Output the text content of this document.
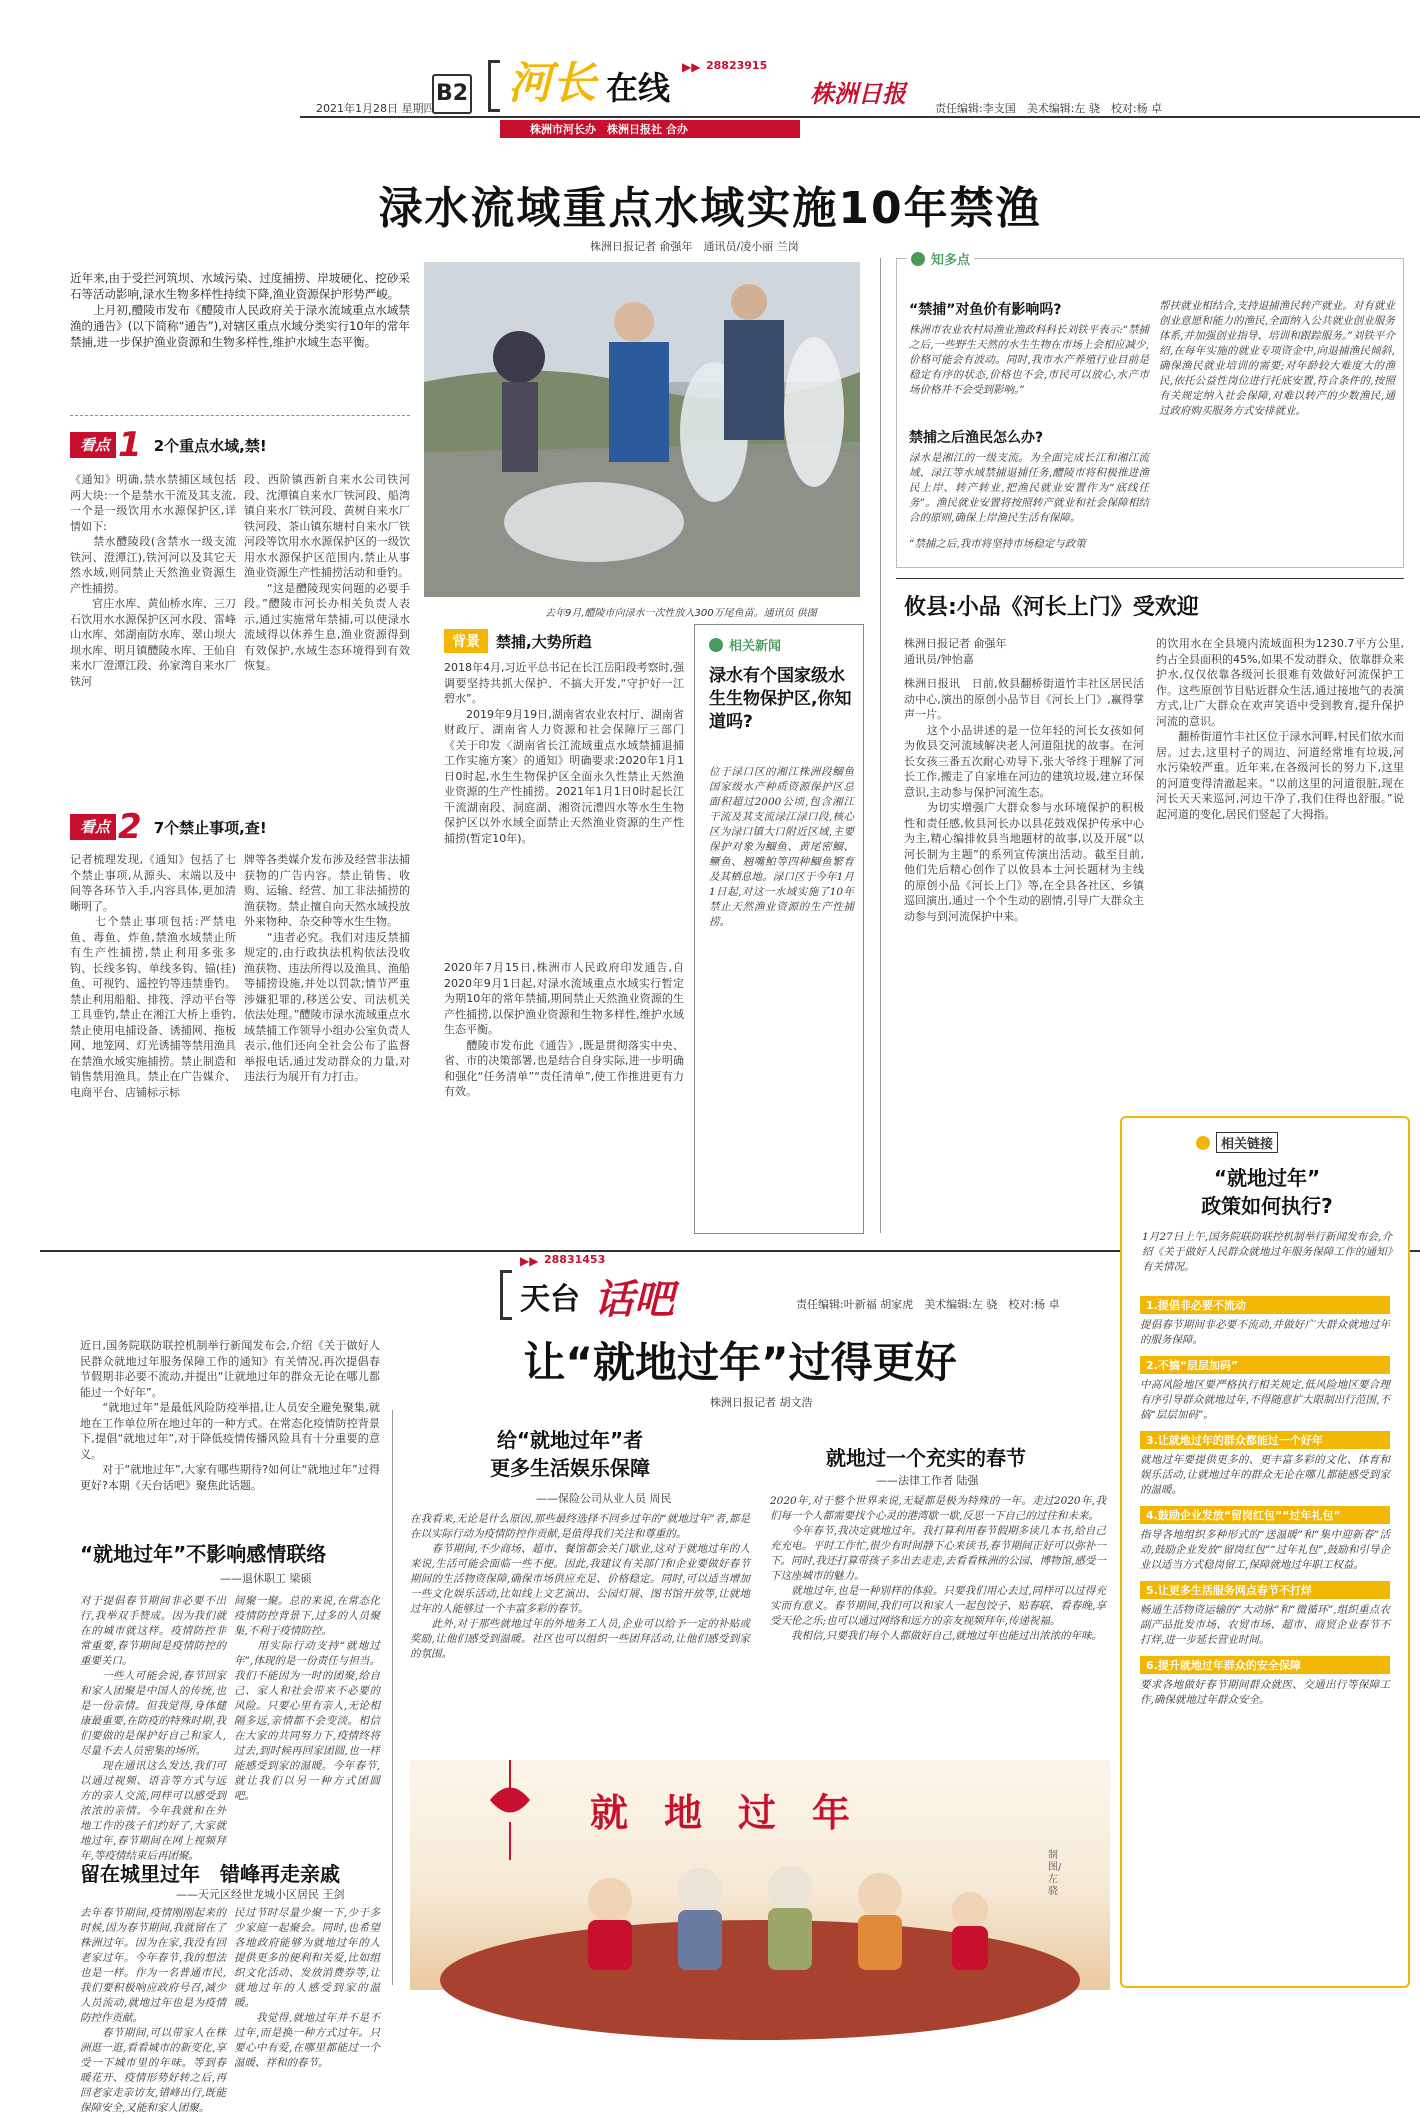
2021年1月28日 星期四
B2 河长 在线
▶▶ 28823915
株洲市河长办　株洲日报社 合办
株洲日报
责任编辑:李支国　美术编辑:左 骁　校对:杨 卓
渌水流域重点水域实施10年禁渔
株洲日报记者 俞强年　通讯员/凌小丽 兰岗
近年来,由于受拦河筑坝、水域污染、过度捕捞、岸坡硬化、挖砂采石等活动影响,渌水生物多样性持续下降,渔业资源保护形势严峻。
　　上月初,醴陵市发布《醴陵市人民政府关于渌水流域重点水域禁渔的通告》(以下简称“通告”),对辖区重点水域分类实行10年的常年禁捕,进一步保护渔业资源和生物多样性,维护水域生态平衡。
看点 1 2个重点水域,禁!
《通知》明确,禁水禁捕区域包括两大块:一个是禁水干流及其支流,一个是一级饮用水水源保护区,详情如下:
　　禁水醴陵段(含禁水一级支流铁河、澄潭江),铁河河以及其它天然水域,则同禁止天然渔业资源生产性捕捞。
　　官庄水库、黄仙桥水库、三刀石饮用水水源保护区河水段、雷峰山水库、郊湖南防水库、翠山坝大坝水库、明月镇醴陵水库、王仙自来水厂澄潭江段、孙家湾自来水厂铁河
段、西阶镇西新自来水公司铁河段、沈潭镇自来水厂铁河段、船湾镇自来水厂铁河段、黄树自来水厂铁河段、茶山镇东塘村自来水厂铁河段等饮用水水源保护区的一级饮用水水源保护区范围内,禁止从事渔业资源生产性捕捞活动和垂钓。
　　“这是醴陵现实问题的必要手段。”醴陵市河长办相关负责人表示,通过实施常年禁捕,可以使渌水流域得以休养生息,渔业资源得到有效保护,水域生态环境得到有效恢复。
看点 2 7个禁止事项,查!
记者梳理发现,《通知》包括了七个禁止事项,从源头、末端以及中间等各环节入手,内容具体,更加清晰明了。
　　七个禁止事项包括:严禁电鱼、毒鱼、炸鱼,禁渔水域禁止所有生产性捕捞,禁止利用多张多钩、长线多钩、单线多钩、锚(挂)鱼、可视钓、遥控钓等违禁垂钓。禁止利用船船、排筏、浮动平台等工具垂钓,禁止在湘江大桥上垂钓,禁止使用电捕设备、诱捕网、拖板网、地笼网、灯光诱捕等禁用渔具在禁渔水域实施捕捞。禁止制造和销售禁用渔具。禁止在广告媒介、电商平台、店铺标示标
牌等各类媒介发布涉及经营非法捕获物的广告内容。禁止销售、收购、运输、经营、加工非法捕捞的渔获物。禁止擅自向天然水域投放外来物种、杂交种等水生生物。
　　“违者必究。我们对违反禁捕规定的,由行政执法机构依法没收渔获物、违法所得以及渔具、渔船等捕捞设施,并处以罚款;情节严重涉嫌犯罪的,移送公安、司法机关依法处理。”醴陵市渌水流域重点水域禁捕工作领导小组办公室负责人表示,他们还向全社会公布了监督举报电话,通过发动群众的力量,对违法行为展开有力打击。
去年9月,醴陵市向渌水一次性放入300万尾鱼苗。通讯员 供图
背景	禁捕,大势所趋
2018年4月,习近平总书记在长江岳阳段考察时,强调要坚持共抓大保护、不搞大开发,“守护好一江碧水”。
　　2019年9月19日,湖南省农业农村厅、湖南省财政厅、湖南省人力资源和社会保障厅三部门《关于印发〈湖南省长江流域重点水域禁捕退捕工作实施方案〉的通知》明确要求:2020年1月1日0时起,水生生物保护区全面永久性禁止天然渔业资源的生产性捕捞。2021年1月1日0时起长江干流湖南段、洞庭湖、湘资沅澧四水等水生生物保护区以外水域全面禁止天然渔业资源的生产性捕捞(暂定10年)。
相关新闻
渌水有个国家级水生生物保护区,你知道吗?
位于渌口区的湘江株洲段鲴鱼国家级水产种质资源保护区总面积超过2000公顷,包含湘江干流及其支流渌江渌口段,核心区为渌口镇大口附近区域,主要保护对象为鲴鱼、黄尾密鲴、鳜鱼、翘嘴鲌等四种鲴鱼繁育及其栖息地。渌口区于今年1月1日起,对这一水域实施了10年禁止天然渔业资源的生产性捕捞。
2020年7月15日,株洲市人民政府印发通告,自2020年9月1日起,对渌水流域重点水域实行暂定为期10年的常年禁捕,期间禁止天然渔业资源的生产性捕捞,以保护渔业资源和生物多样性,维护水域生态平衡。
　　醴陵市发布此《通告》,既是贯彻落实中央、省、市的决策部署,也是结合自身实际,进一步明确和强化“任务清单”“责任清单”,使工作推进更有力有效。
知多点
“禁捕”对鱼价有影响吗?
株洲市农业农村局渔业渔政科科长刘铁平表示:“禁捕之后,一些野生天然的水生生物在市场上会相应减少,价格可能会有波动。同时,我市水产养殖行业目前是稳定有序的状态,价格也不会,市民可以放心,水产市场价格并不会受到影响。”
禁捕之后渔民怎么办?
渌水是湘江的一级支流。为全面完成长江和湘江流域、渌江等水域禁捕退捕任务,醴陵市将积极推进渔民上岸、转产转业,把渔民就业安置作为“底线任务”。渔民就业安置将按照转产就业和社会保障相结合的原则,确保上岸渔民生活有保障。
“禁捕之后,我市将坚持市场稳定与政策
帮扶就业相结合,支持退捕渔民转产就业。对有就业创业意愿和能力的渔民,全面纳入公共就业创业服务体系,并加强创业指导、培训和跟踪服务。”刘铁平介绍,在每年实施的就业专项资金中,向退捕渔民倾斜,确保渔民就业培训的需要;对年龄较大难度大的渔民,依托公益性岗位进行托底安置,符合条件的,按照有关规定纳入社会保障,对难以转产的少数渔民,通过政府购买服务方式安排就业。
攸县:小品《河长上门》受欢迎
株洲日报记者 俞强年
通讯员/钟怡嘉
株洲日报讯　日前,攸县翻桥街道竹丰社区居民活动中心,演出的原创小品节目《河长上门》,赢得掌声一片。
　　这个小品讲述的是一位年轻的河长女孩如何为攸县交河流域解决老人河道阻扰的故事。在河长女孩三番五次耐心劝导下,张大爷终于理解了河长工作,搬走了自家堆在河边的建筑垃圾,建立环保意识,主动参与保护河流生态。
　　为切实增强广大群众参与水环境保护的积极性和责任感,攸县河长办以县花鼓戏保护传承中心为主,精心编排攸县当地题材的故事,以及开展“以河长制为主题”的系列宣传演出活动。截至目前,他们先后精心创作了以攸县本土河长题材为主线的原创小品《河长上门》等,在全县各社区、乡镇巡回演出,通过一个个生动的剧情,引导广大群众主动参与到河流保护中来。
的饮用水在全县境内流域面积为1230.7平方公里,约占全县面积的45%,如果不发动群众、依靠群众来护水,仅仅依靠各级河长很难有效做好河流保护工作。这些原创节目贴近群众生活,通过接地气的表演方式,让广大群众在欢声笑语中受到教育,提升保护河流的意识。
　　翻桥街道竹丰社区位于渌水河畔,村民们依水而居。过去,这里村子的周边、河道经常堆有垃圾,河水污染较严重。近年来,在各级河长的努力下,这里的河道变得清澈起来。“以前这里的河道很脏,现在河长天天来巡河,河边干净了,我们住得也舒服。”说起河道的变化,居民们竖起了大拇指。
天台 话吧
▶▶ 28831453
责任编辑:叶新福 胡家虎　美术编辑:左 骁　校对:杨 卓
近日,国务院联防联控机制举行新闻发布会,介绍《关于做好人民群众就地过年服务保障工作的通知》有关情况,再次提倡春节假期非必要不流动,并提出“让就地过年的群众无论在哪儿都能过一个好年”。
　　“就地过年”是最低风险防疫举措,让人员安全避免聚集,就地在工作单位所在地过年的一种方式。在常态化疫情防控背景下,提倡“就地过年”,对于降低疫情传播风险具有十分重要的意义。
　　对于“就地过年”,大家有哪些期待?如何让“就地过年”过得更好?本期《天台话吧》聚焦此话题。
让“就地过年”过得更好
株洲日报记者 胡文浩
“就地过年”不影响感情联络
——退休职工 梁硕
对于提倡春节期间非必要不出行,我举双手赞成。因为我们就在的城市就这样。疫情防控非常重要,春节期间是疫情防控的重要关口。
　　一些人可能会说,春节回家和家人团聚是中国人的传统,也是一份亲情。但我觉得,身体健康最重要,在防疫的特殊时期,我们要做的是保护好自己和家人,尽量不去人员密集的场所。
　　现在通讯这么发达,我们可以通过视频、语音等方式与远方的亲人交流,同样可以感受到浓浓的亲情。今年我就和在外地工作的孩子们约好了,大家就地过年,春节期间在网上视频拜年,等疫情结束后再团聚。
间聚一聚。总的来说,在常态化疫情防控背景下,过多的人员聚集,不利于疫情防控。
　　用实际行动支持“就地过年”,体现的是一份责任与担当。我们不能因为一时的团聚,给自己、家人和社会带来不必要的风险。只要心里有亲人,无论相隔多远,亲情都不会变淡。相信在大家的共同努力下,疫情终将过去,到时候再回家团圆,也一样能感受到家的温暖。今年春节,就让我们以另一种方式团圆吧。
留在城里过年　错峰再走亲戚
——天元区经世龙城小区居民 王剑
去年春节期间,疫情刚刚起来的时候,因为春节期间,我就留在了株洲过年。因为在家,我没有回老家过年。今年春节,我的想法也是一样。作为一名普通市民,我们要积极响应政府号召,减少人员流动,就地过年也是为疫情防控作贡献。
　　春节期间,可以带家人在株洲逛一逛,看看城市的新变化,享受一下城市里的年味。等到春暖花开、疫情形势好转之后,再回老家走亲访友,错峰出行,既能保障安全,又能和家人团聚。
民过节时尽量少聚一下,少于多少家庭一起聚会。同时,也希望各地政府能够为就地过年的人提供更多的便利和关爱,比如组织文化活动、发放消费券等,让就地过年的人感受到家的温暖。
　　我觉得,就地过年并不是不过年,而是换一种方式过年。只要心中有爱,在哪里都能过一个温暖、祥和的春节。
给“就地过年”者
更多生活娱乐保障
——保险公司从业人员 周民
在我看来,无论是什么原因,那些最终选择不回乡过年的“就地过年”者,都是在以实际行动为疫情防控作贡献,是值得我们关注和尊重的。
　　春节期间,不少商场、超市、餐馆都会关门歇业,这对于就地过年的人来说,生活可能会面临一些不便。因此,我建议有关部门和企业要做好春节期间的生活物资保障,确保市场供应充足、价格稳定。同时,可以适当增加一些文化娱乐活动,比如线上文艺演出、公园灯展、图书馆开放等,让就地过年的人能够过一个丰富多彩的春节。
　　此外,对于那些就地过年的外地务工人员,企业可以给予一定的补贴或奖励,让他们感受到温暖。社区也可以组织一些团拜活动,让他们感受到家的氛围。
就地过一个充实的春节
——法律工作者 陆强
2020年,对于整个世界来说,无疑都是极为特殊的一年。走过2020年,我们每一个人都需要找个心灵的港湾歇一歇,反思一下自己的过往和未来。
　　今年春节,我决定就地过年。我打算利用春节假期多读几本书,给自己充充电。平时工作忙,很少有时间静下心来读书,春节期间正好可以弥补一下。同时,我还打算带孩子多出去走走,去看看株洲的公园、博物馆,感受一下这座城市的魅力。
　　就地过年,也是一种别样的体验。只要我们用心去过,同样可以过得充实而有意义。春节期间,我们可以和家人一起包饺子、贴春联、看春晚,享受天伦之乐;也可以通过网络和远方的亲友视频拜年,传递祝福。
　　我相信,只要我们每个人都做好自己,就地过年也能过出浓浓的年味。
就 地 过 年
制图/左骁
相关链接
“就地过年”
政策如何执行?
1月27日上午,国务院联防联控机制举行新闻发布会,介绍《关于做好人民群众就地过年服务保障工作的通知》有关情况。
1.提倡非必要不流动
提倡春节期间非必要不流动,并做好广大群众就地过年的服务保障。
2.不搞“层层加码”
中高风险地区要严格执行相关规定,低风险地区要合理有序引导群众就地过年,不得随意扩大限制出行范围,不搞“层层加码”。
3.让就地过年的群众都能过一个好年
就地过年要提供更多的、更丰富多彩的文化、体育和娱乐活动,让就地过年的群众无论在哪儿都能感受到家的温暖。
4.鼓励企业发放“留岗红包”“过年礼包”
指导各地组织多种形式的“送温暖”和“集中迎新春”活动,鼓励企业发放“留岗红包”“过年礼包”,鼓励和引导企业以适当方式稳岗留工,保障就地过年职工权益。
5.让更多生活服务网点春节不打烊
畅通生活物资运输的“大动脉”和“微循环”,组织重点农副产品批发市场、农贸市场、超市、商贸企业春节不打烊,进一步延长营业时间。
6.提升就地过年群众的安全保障
要求各地做好春节期间群众就医、交通出行等保障工作,确保就地过年群众安全。
